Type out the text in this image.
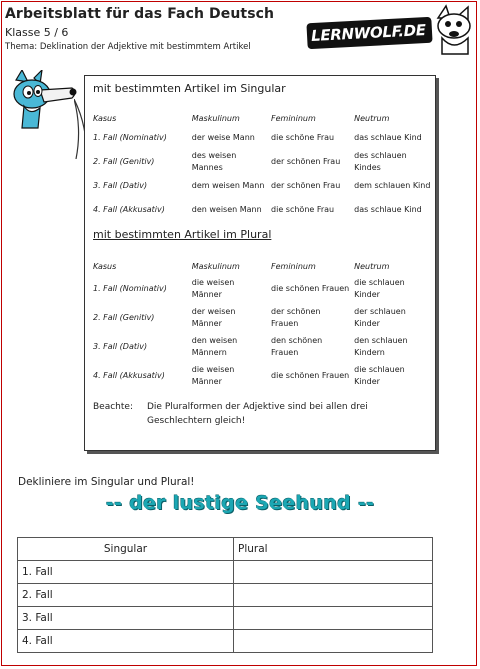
Arbeitsblatt für das Fach Deutsch
Klasse 5 / 6
Thema: Deklination der Adjektive mit bestimmtem Artikel
LERNWOLF.DE
mit bestimmten Artikel im Singular
Kasus	Maskulinum	Femininum	Neutrum
1. Fall (Nominativ)	der weise Mann	die schöne Frau	das schlaue Kind
2. Fall (Genitiv)	des weisen Mannes	der schönen Frau	des schlauen Kindes
3. Fall (Dativ)	dem weisen Mann	der schönen Frau	dem schlauen Kind
4. Fall (Akkusativ)	den weisen Mann	die schöne Frau	das schlaue Kind
mit bestimmten Artikel im Plural
Kasus	Maskulinum	Femininum	Neutrum
1. Fall (Nominativ)	die weisen Männer	die schönen Frauen	die schlauen Kinder
2. Fall (Genitiv)	der weisen Männer	der schönen Frauen	der schlauen Kinder
3. Fall (Dativ)	den weisen Männern	den schönen Frauen	den schlauen Kindern
4. Fall (Akkusativ)	die weisen Männer	die schönen Frauen	die schlauen Kinder
Beachte:	Die Pluralformen der Adjektive sind bei allen drei Geschlechtern gleich!
Dekliniere im Singular und Plural!
-- der lustige Seehund --
Singular	Plural
1. Fall	
2. Fall	
3. Fall	
4. Fall	
